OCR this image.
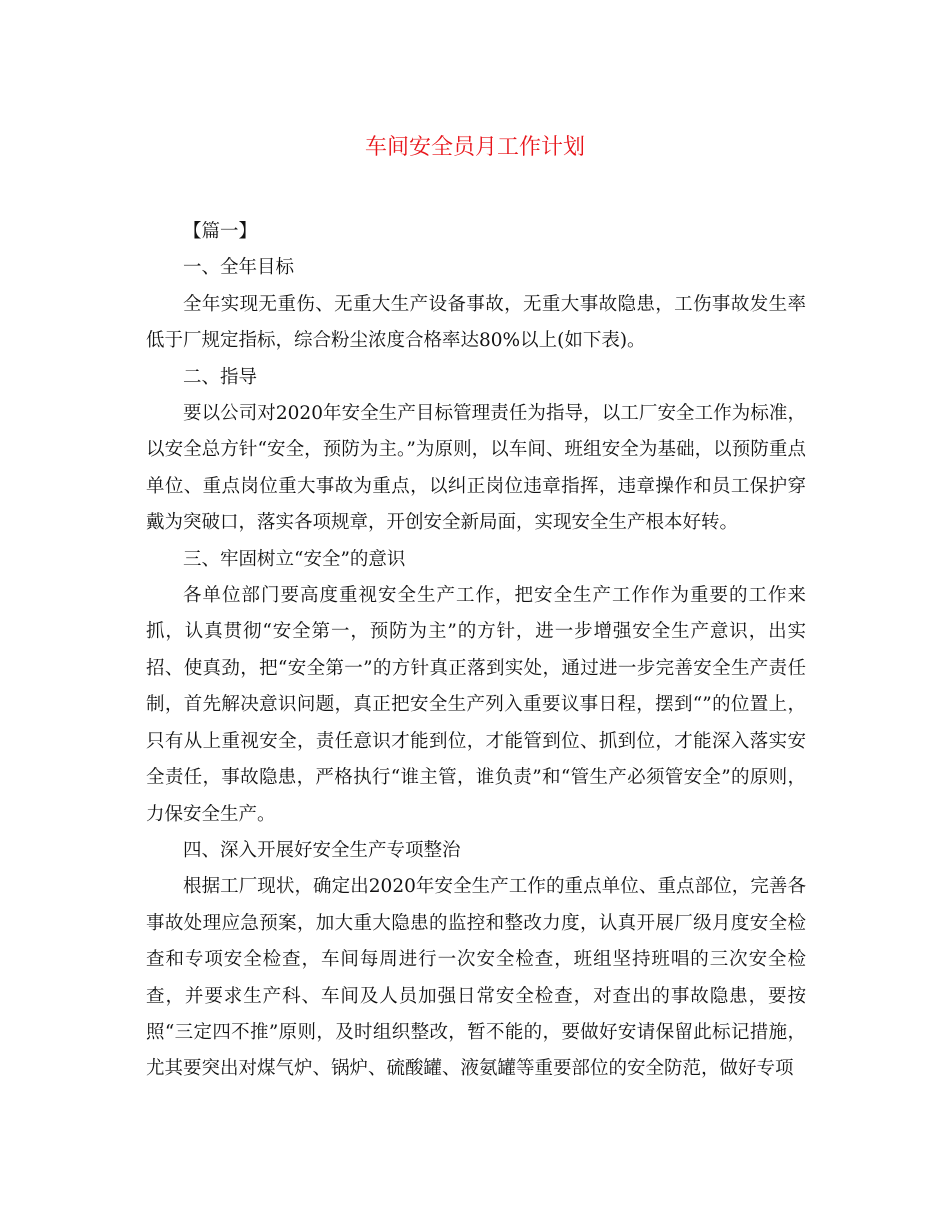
车间安全员月工作计划

【篇一】

一、全年目标

全年实现无重伤、无重大生产设备事故，无重大事故隐患，工伤事故发生率低于厂规定指标，综合粉尘浓度合格率达80%以上(如下表)。

二、指导

要以公司对2020年安全生产目标管理责任为指导，以工厂安全工作为标准，以安全总方针“安全，预防为主。”为原则，以车间、班组安全为基础，以预防重点单位、重点岗位重大事故为重点，以纠正岗位违章指挥，违章操作和员工保护穿戴为突破口，落实各项规章，开创安全新局面，实现安全生产根本好转。

三、牢固树立“安全”的意识

各单位部门要高度重视安全生产工作，把安全生产工作作为重要的工作来抓，认真贯彻“安全第一，预防为主”的方针，进一步增强安全生产意识，出实招、使真劲，把“安全第一”的方针真正落到实处，通过进一步完善安全生产责任制，首先解决意识问题，真正把安全生产列入重要议事日程，摆到“”的位置上，只有从上重视安全，责任意识才能到位，才能管到位、抓到位，才能深入落实安全责任，事故隐患，严格执行“谁主管，谁负责”和“管生产必须管安全”的原则，力保安全生产。

四、深入开展好安全生产专项整治

根据工厂现状，确定出2020年安全生产工作的重点单位、重点部位，完善各事故处理应急预案，加大重大隐患的监控和整改力度，认真开展厂级月度安全检查和专项安全检查，车间每周进行一次安全检查，班组坚持班唱的三次安全检查，并要求生产科、车间及人员加强日常安全检查，对查出的事故隐患，要按照“三定四不推”原则，及时组织整改，暂不能的，要做好安请保留此标记措施，尤其要突出对煤气炉、锅炉、硫酸罐、液氨罐等重要部位的安全防范，做好专项
